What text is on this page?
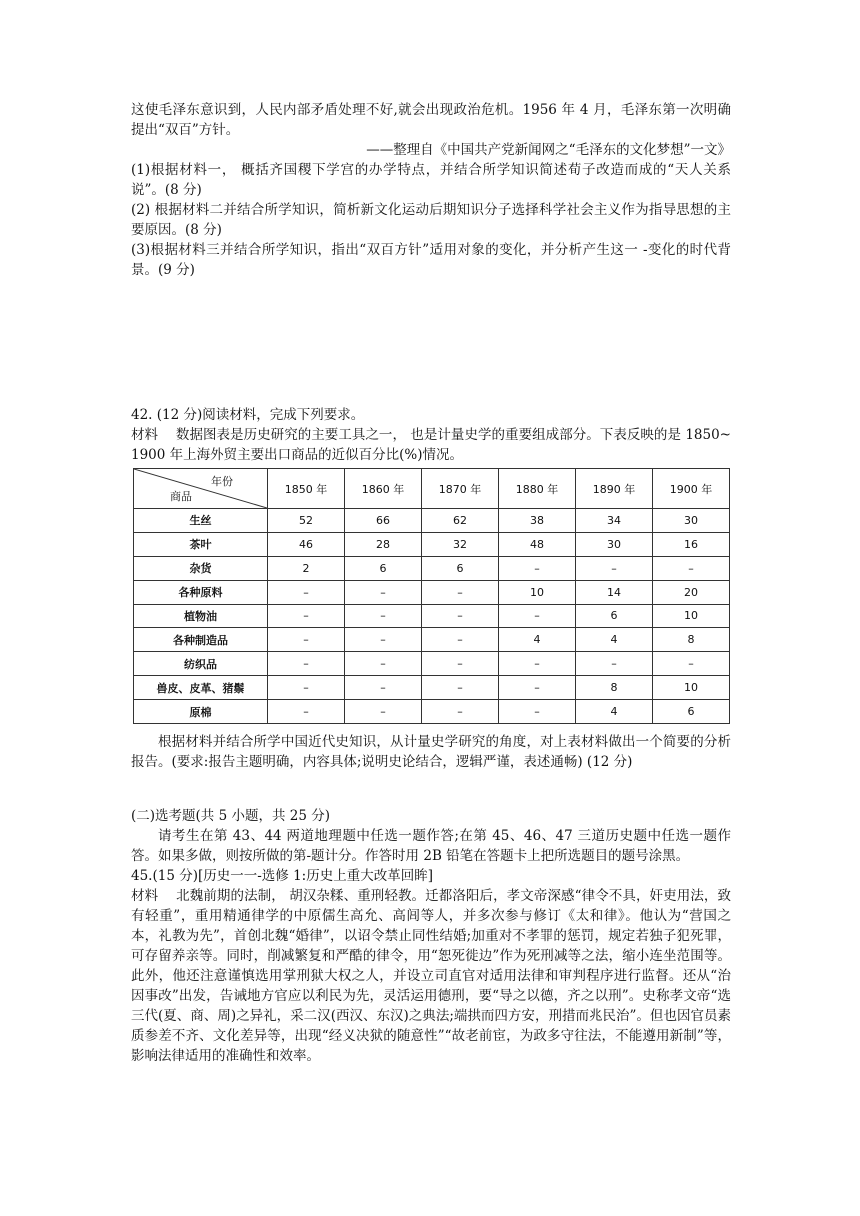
这使毛泽东意识到，人民内部矛盾处理不好,就会出现政治危机。1956 年 4 月，毛泽东第一次明确提出“双百”方针。

——整理自《中国共产党新闻网之“毛泽东的文化梦想”一文》

(1)根据材料一， 概括齐国稷下学宫的办学特点，并结合所学知识简述荀子改造而成的“天人关系说”。(8 分)

(2) 根据材料二并结合所学知识，简析新文化运动后期知识分子选择科学社会主义作为指导思想的主要原因。(8 分)

(3)根据材料三并结合所学知识，指出“双百方针”适用对象的变化，并分析产生这一 -变化的时代背景。(9 分)

42. (12 分)阅读材料，完成下列要求。

材料　 数据图表是历史研究的主要工具之一， 也是计量史学的重要组成部分。下表反映的是 1850~ 1900 年上海外贸主要出口商品的近似百分比(%)情况。

年份
商品	1850 年	1860 年	1870 年	1880 年	1890 年	1900 年
生丝	52	66	62	38	34	30
茶叶	46	28	32	48	30	16
杂货	2	6	6	–	–	–
各种原料	–	–	–	10	14	20
植物油	–	–	–	–	6	10
各种制造品	–	–	–	4	4	8
纺织品	–	–	–	–	–	–
兽皮、皮革、猪鬃	–	–	–	–	8	10
原棉	–	–	–	–	4	6

根据材料并结合所学中国近代史知识，从计量史学研究的角度，对上表材料做出一个简要的分析报告。(要求:报告主题明确，内容具体;说明史论结合，逻辑严谨，表述通畅) (12 分)

(二)选考题(共 5 小题，共 25 分)

请考生在第 43、44 两道地理题中任选一题作答;在第 45、46、47 三道历史题中任选一题作答。如果多做，则按所做的第-题计分。作答时用 2B 铅笔在答题卡上把所选题目的题号涂黑。

45.(15 分)[历史一一-选修 1:历史上重大改革回眸]

材料　 北魏前期的法制， 胡汉杂糅、重刑轻教。迁都洛阳后，孝文帝深感“律令不具，奸吏用法，致有轻重”，重用精通律学的中原儒生高允、高闾等人，并多次参与修订《太和律》。他认为“营国之本，礼教为先”，首创北魏“婚律”，以诏令禁止同性结婚;加重对不孝罪的惩罚，规定若独子犯死罪，可存留养亲等。同时，削减繁复和严酷的律令，用“恕死徙边”作为死刑减等之法，缩小连坐范围等。此外，他还注意谨慎选用掌刑狱大权之人，并设立司直官对适用法律和审判程序进行监督。还从“治因事改”出发，告诫地方官应以利民为先，灵活运用德刑，要“导之以德，齐之以刑”。史称孝文帝“选三代(夏、商、周)之异礼，采二汉(西汉、东汉)之典法;端拱而四方安，刑措而兆民治”。但也因官员素质参差不齐、文化差异等，出现“经义决狱的随意性”“故老前宦，为政多守往法，不能遵用新制”等，影响法律适用的准确性和效率。
